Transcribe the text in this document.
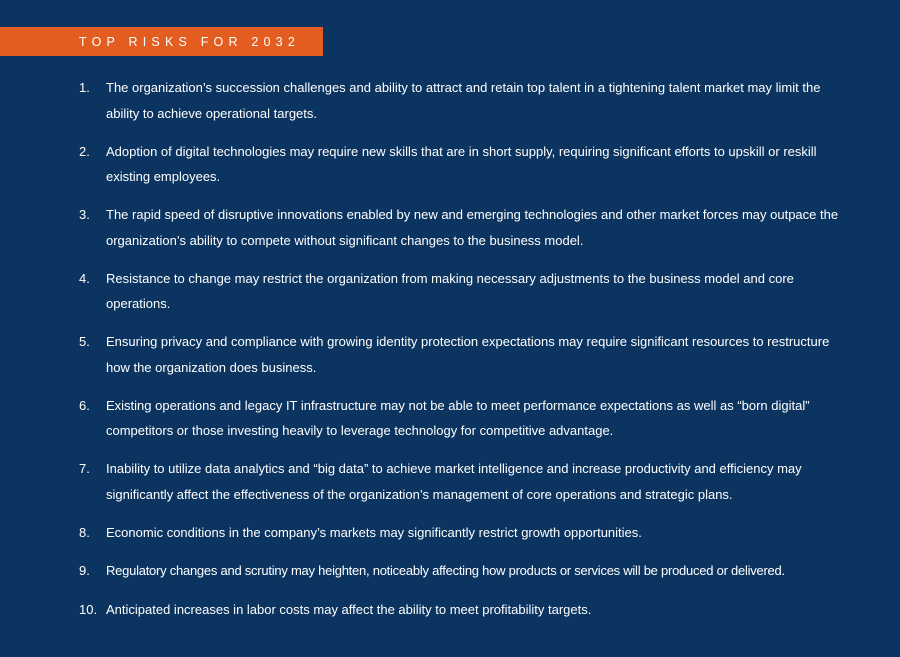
TOP RISKS FOR 2032
1. The organization’s succession challenges and ability to attract and retain top talent in a tightening talent market may limit the ability to achieve operational targets.
2. Adoption of digital technologies may require new skills that are in short supply, requiring significant efforts to upskill or reskill existing employees.
3. The rapid speed of disruptive innovations enabled by new and emerging technologies and other market forces may outpace the organization’s ability to compete without significant changes to the business model.
4. Resistance to change may restrict the organization from making necessary adjustments to the business model and core operations.
5. Ensuring privacy and compliance with growing identity protection expectations may require significant resources to restructure how the organization does business.
6. Existing operations and legacy IT infrastructure may not be able to meet performance expectations as well as “born digital” competitors or those investing heavily to leverage technology for competitive advantage.
7. Inability to utilize data analytics and “big data” to achieve market intelligence and increase productivity and efficiency may significantly affect the effectiveness of the organization’s management of core operations and strategic plans.
8. Economic conditions in the company’s markets may significantly restrict growth opportunities.
9. Regulatory changes and scrutiny may heighten, noticeably affecting how products or services will be produced or delivered.
10. Anticipated increases in labor costs may affect the ability to meet profitability targets.
